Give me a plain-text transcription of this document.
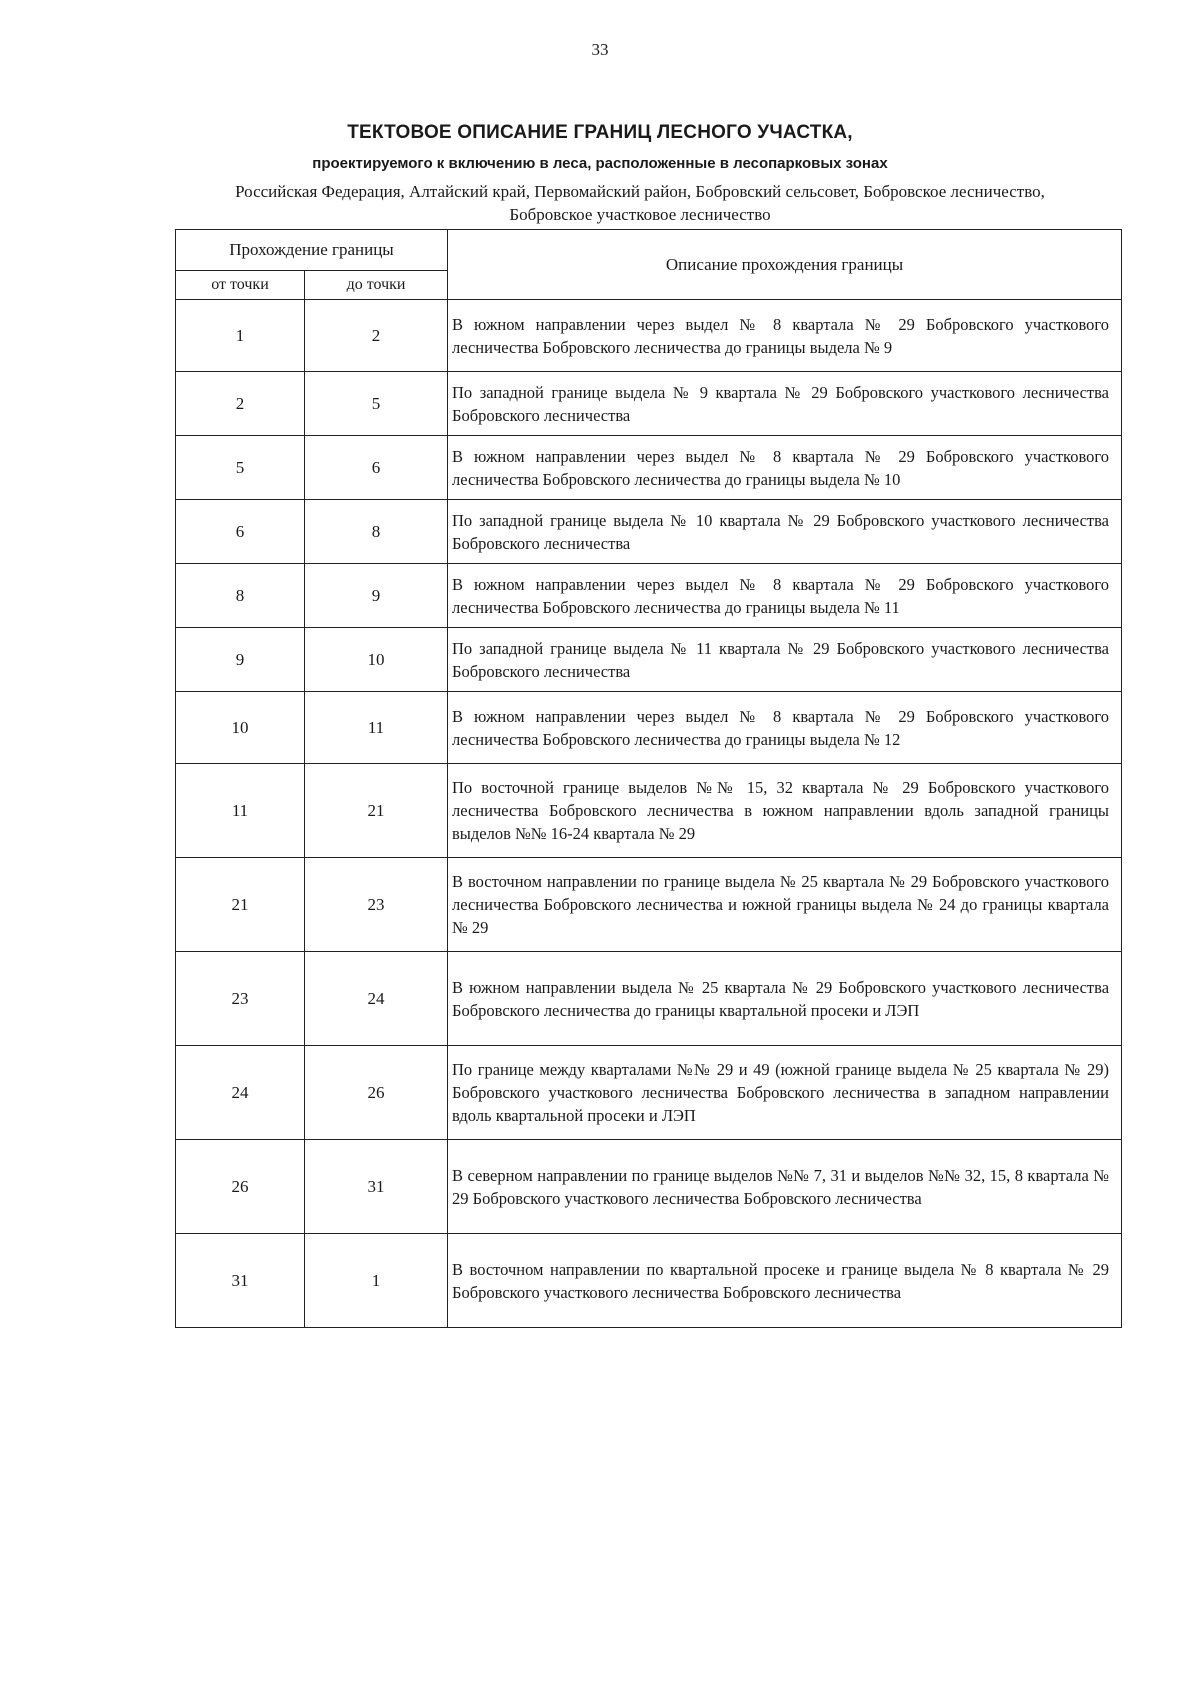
33
ТЕКТОВОЕ ОПИСАНИЕ ГРАНИЦ ЛЕСНОГО УЧАСТКА,
проектируемого к включению в леса, расположенные в лесопарковых зонах
Российская Федерация, Алтайский край, Первомайский район, Бобровский сельсовет, Бобровское лесничество, Бобровское участковое лесничество
Прохождение границы		Описание прохождения границы
от точки	до точки	
1	2	В южном направлении через выдел № 8 квартала № 29 Бобровского участкового лесничества Бобровского лесничества до границы выдела № 9
2	5	По западной границе выдела № 9 квартала № 29 Бобровского участкового лесничества Бобровского лесничества
5	6	В южном направлении через выдел № 8 квартала № 29 Бобровского участкового лесничества Бобровского лесничества до границы выдела № 10
6	8	По западной границе выдела № 10 квартала № 29 Бобровского участкового лесничества Бобровского лесничества
8	9	В южном направлении через выдел № 8 квартала № 29 Бобровского участкового лесничества Бобровского лесничества до границы выдела № 11
9	10	По западной границе выдела № 11 квартала № 29 Бобровского участкового лесничества Бобровского лесничества
10	11	В южном направлении через выдел № 8 квартала № 29 Бобровского участкового лесничества Бобровского лесничества до границы выдела № 12
11	21	По восточной границе выделов №№ 15, 32 квартала № 29 Бобровского участкового лесничества Бобровского лесничества в южном направлении вдоль западной границы выделов №№ 16-24 квартала № 29
21	23	В восточном направлении по границе выдела № 25 квартала № 29 Бобровского участкового лесничества Бобровского лесничества и южной границы выдела № 24 до границы квартала № 29
23	24	В южном направлении выдела № 25 квартала № 29 Бобровского участкового лесничества Бобровского лесничества до границы квартальной просеки и ЛЭП
24	26	По границе между кварталами №№ 29 и 49 (южной границе выдела № 25 квартала № 29) Бобровского участкового лесничества Бобровского лесничества в западном направлении вдоль квартальной просеки и ЛЭП
26	31	В северном направлении по границе выделов №№ 7, 31 и выделов №№ 32, 15, 8 квартала № 29 Бобровского участкового лесничества Бобровского лесничества
31	1	В восточном направлении по квартальной просеке и границе выдела № 8 квартала № 29 Бобровского участкового лесничества Бобровского лесничества
